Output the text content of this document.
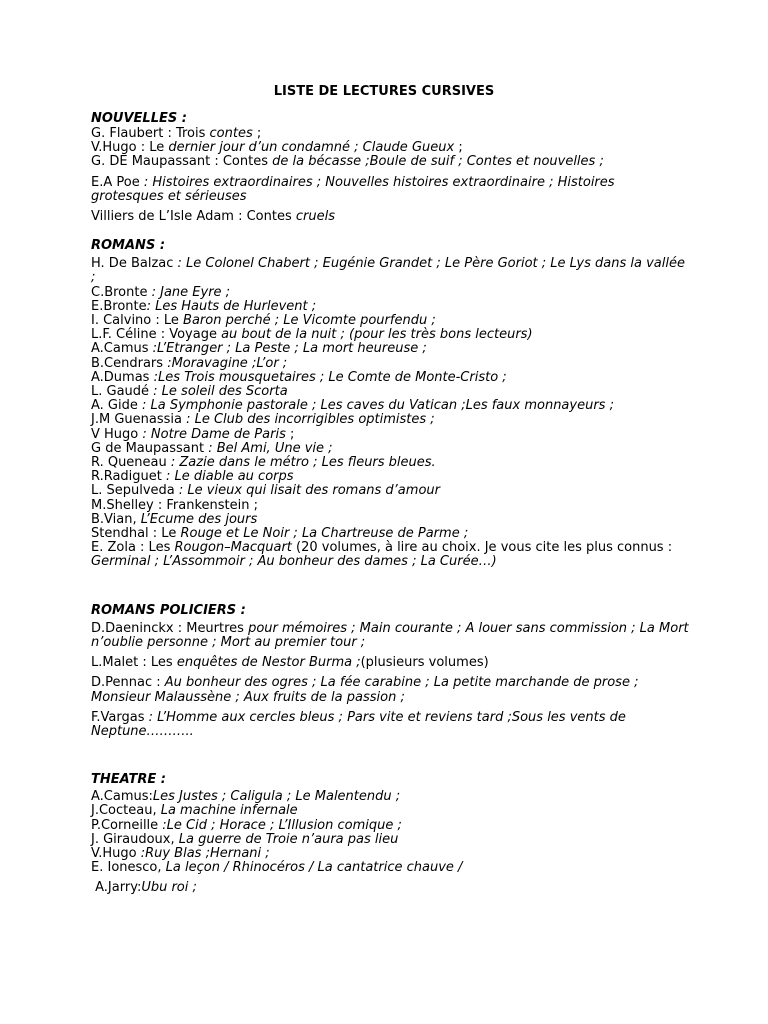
LISTE DE LECTURES CURSIVES

NOUVELLES :

G. Flaubert : Trois contes ;

V.Hugo : Le dernier jour d’un condamné ; Claude Gueux ;

G. DE Maupassant : Contes de la bécasse ;Boule de suif ; Contes et nouvelles ;

E.A Poe : Histoires extraordinaires ; Nouvelles histoires extraordinaire ; Histoires grotesques et sérieuses

Villiers de L’Isle Adam : Contes cruels

ROMANS :

H. De Balzac : Le Colonel Chabert ; Eugénie Grandet ; Le Père Goriot ; Le Lys dans la vallée ;

C.Bronte : Jane Eyre ;

E.Bronte: Les Hauts de Hurlevent ;

I. Calvino : Le Baron perché ; Le Vicomte pourfendu ;

L.F. Céline : Voyage au bout de la nuit ; (pour les très bons lecteurs)

A.Camus :L’Etranger ; La Peste ; La mort heureuse ;

B.Cendrars :Moravagine ;L’or ;

A.Dumas :Les Trois mousquetaires ; Le Comte de Monte-Cristo ;

L. Gaudé : Le soleil des Scorta

A. Gide : La Symphonie pastorale ; Les caves du Vatican ;Les faux monnayeurs ;

J.M Guenassia : Le Club des incorrigibles optimistes ;

V Hugo : Notre Dame de Paris ;

G de Maupassant : Bel Ami, Une vie ;

R. Queneau : Zazie dans le métro ; Les fleurs bleues.

R.Radiguet : Le diable au corps

L. Sepulveda : Le vieux qui lisait des romans d’amour

M.Shelley : Frankenstein ;

B.Vian, L’Ecume des jours

Stendhal : Le Rouge et Le Noir ; La Chartreuse de Parme ;

E. Zola : Les Rougon–Macquart (20 volumes, à lire au choix. Je vous cite les plus connus :
Germinal ; L’Assommoir ; Au bonheur des dames ; La Curée…)

ROMANS POLICIERS :

D.Daeninckx : Meurtres pour mémoires ; Main courante ; A louer sans commission ; La Mort n’oublie personne ; Mort au premier tour ;

L.Malet : Les enquêtes de Nestor Burma ;(plusieurs volumes)

D.Pennac : Au bonheur des ogres ; La fée carabine ; La petite marchande de prose ; Monsieur Malaussène ; Aux fruits de la passion ;

F.Vargas : L’Homme aux cercles bleus ; Pars vite et reviens tard ;Sous les vents de Neptune………..

THEATRE :

A.Camus:Les Justes ; Caligula ; Le Malentendu ;

J.Cocteau, La machine infernale

P.Corneille :Le Cid ; Horace ; L’Illusion comique ;

J. Giraudoux, La guerre de Troie n’aura pas lieu

V.Hugo :Ruy Blas ;Hernani ;

E. Ionesco, La leçon / Rhinocéros / La cantatrice chauve /

A.Jarry:Ubu roi ;
